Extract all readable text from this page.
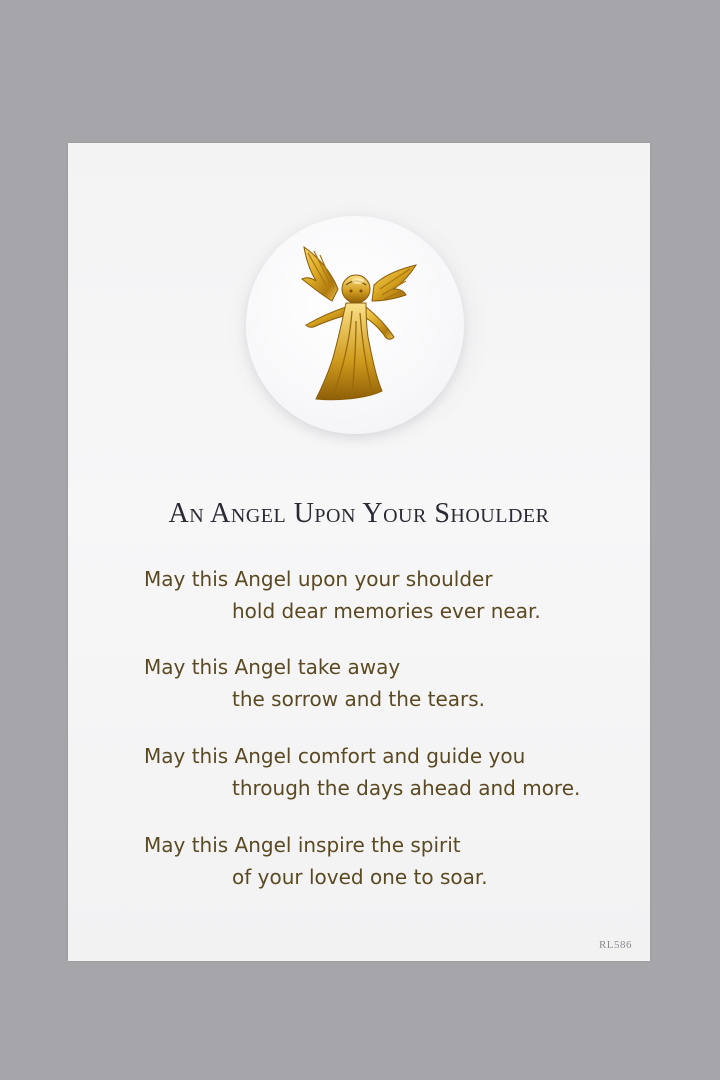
An Angel Upon Your Shoulder
May this Angel upon your shoulder
hold dear memories ever near.
May this Angel take away
the sorrow and the tears.
May this Angel comfort and guide you
through the days ahead and more.
May this Angel inspire the spirit
of your loved one to soar.
RL586
